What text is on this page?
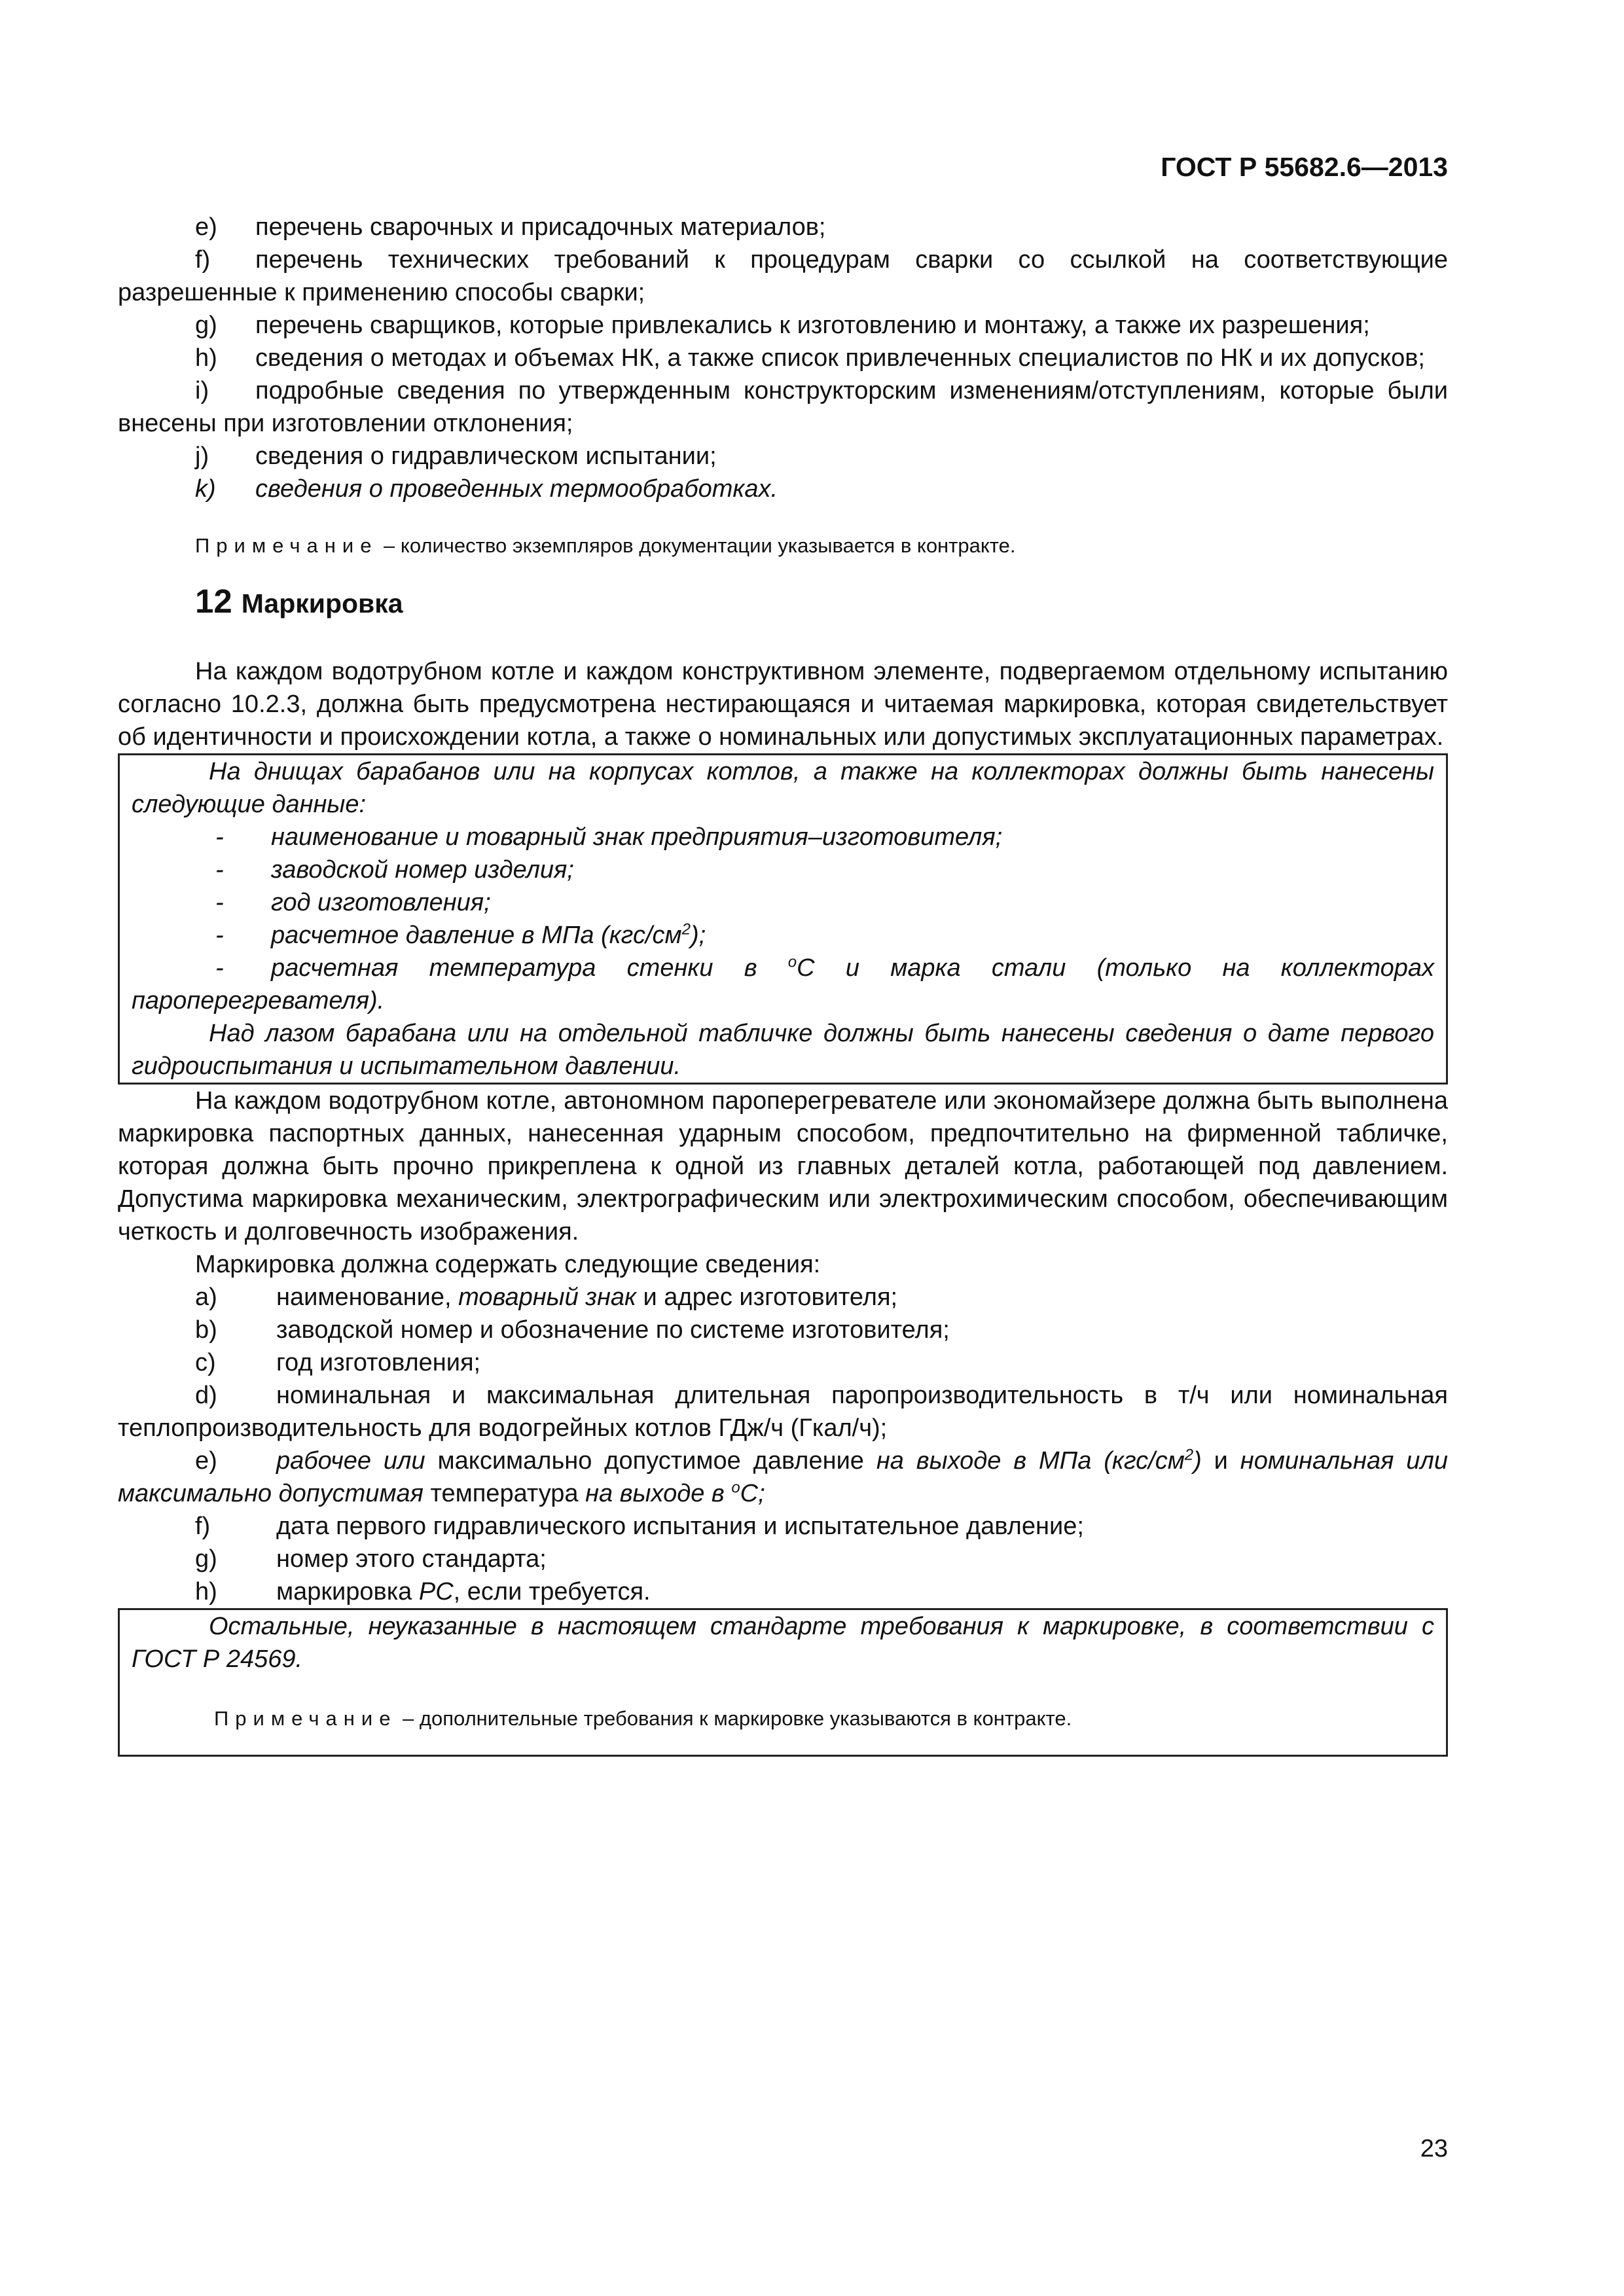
ГОСТ Р 55682.6—2013

e) перечень сварочных и присадочных материалов;

f) перечень технических требований к процедурам сварки со ссылкой на соответствующие разрешенные к применению способы сварки;

g) перечень сварщиков, которые привлекались к изготовлению и монтажу, а также их разрешения;

h) сведения о методах и объемах НК, а также список привлеченных специалистов по НК и их допусков;

i) подробные сведения по утвержденным конструкторским изменениям/отступлениям, которые были внесены при изготовлении отклонения;

j) сведения о гидравлическом испытании;

k) сведения о проведенных термообработках.

Примечание – количество экземпляров документации указывается в контракте.

12 Маркировка

На каждом водотрубном котле и каждом конструктивном элементе, подвергаемом отдельному испытанию согласно 10.2.3, должна быть предусмотрена нестирающаяся и читаемая маркировка, которая свидетельствует об идентичности и происхождении котла, а также о номинальных или допустимых эксплуатационных параметрах.

На днищах барабанов или на корпусах котлов, а также на коллекторах должны быть нанесены следующие данные:

- наименование и товарный знак предприятия–изготовителя;

- заводской номер изделия;

- год изготовления;

- расчетное давление в МПа $(кгс/см^2)$;

- расчетная температура стенки в $^о$С и марка стали (только на коллекторах пароперегревателя).

Над лазом барабана или на отдельной табличке должны быть нанесены сведения о дате первого гидроиспытания и испытательном давлении.

На каждом водотрубном котле, автономном пароперегревателе или экономайзере должна быть выполнена маркировка паспортных данных, нанесенная ударным способом, предпочтительно на фирменной табличке, которая должна быть прочно прикреплена к одной из главных деталей котла, работающей под давлением. Допустима маркировка механическим, электрографическим или электрохимическим способом, обеспечивающим четкость и долговечность изображения.

Маркировка должна содержать следующие сведения:

a) наименование, товарный знак и адрес изготовителя;

b) заводской номер и обозначение по системе изготовителя;

c) год изготовления;

d) номинальная и максимальная длительная паропроизводительность в т/ч или номинальная теплопроизводительность для водогрейных котлов ГДж/ч (Гкал/ч);

e) рабочее или максимально допустимое давление на выходе в МПа $(кгс/см^2)$ и номинальная или максимально допустимая температура на выходе в $^о$С;

f)	дата первого гидравлического испытания и испытательное давление;

g) номер этого стандарта;

h) маркировка PC, если требуется.

Остальные, неуказанные в настоящем стандарте требования к маркировке, в соответствии с ГОСТ Р 24569.

Примечание – дополнительные требования к маркировке указываются в контракте.

23
